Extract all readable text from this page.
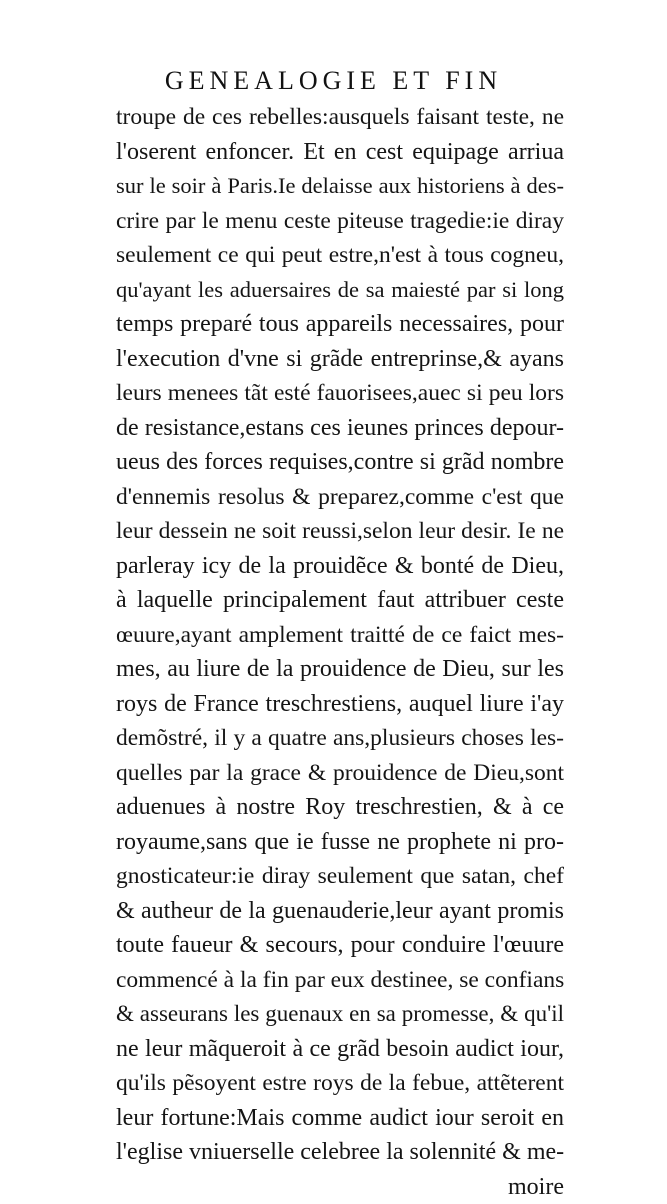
GENEALOGIE ET FIN
troupe de ces rebelles:ausquels faisant teste, ne
l'oserent enfoncer. Et en cest equipage arriua
sur le soir à Paris.Ie delaisse aux historiens à des-
crire par le menu ceste piteuse tragedie:ie diray
seulement ce qui peut estre,n'est à tous cogneu,
qu'ayant les aduersaires de sa maiesté par si long
temps preparé tous appareils necessaires, pour
l'execution d'vne si grãde entreprinse,& ayans
leurs menees tãt esté fauorisees,auec si peu lors
de resistance,estans ces ieunes princes depour-
ueus des forces requises,contre si grãd nombre
d'ennemis resolus & preparez,comme c'est que
leur dessein ne soit reussi,selon leur desir. Ie ne
parleray icy de la prouidẽce & bonté de Dieu,
à laquelle principalement faut attribuer ceste
œuure,ayant amplement traitté de ce faict mes-
mes, au liure de la prouidence de Dieu, sur les
roys de France treschrestiens, auquel liure i'ay
demõstré, il y a quatre ans,plusieurs choses les-
quelles par la grace & prouidence de Dieu,sont
aduenues à nostre Roy treschrestien, & à ce
royaume,sans que ie fusse ne prophete ni pro-
gnosticateur:ie diray seulement que satan, chef
& autheur de la guenauderie,leur ayant promis
toute faueur & secours, pour conduire l'œuure
commencé à la fin par eux destinee, se confians
& asseurans les guenaux en sa promesse, & qu'il
ne leur mãqueroit à ce grãd besoin audict iour,
qu'ils pẽsoyent estre roys de la febue, attẽterent
leur fortune:Mais comme audict iour seroit en
l'eglise vniuerselle celebree la solennité & me-
moire
